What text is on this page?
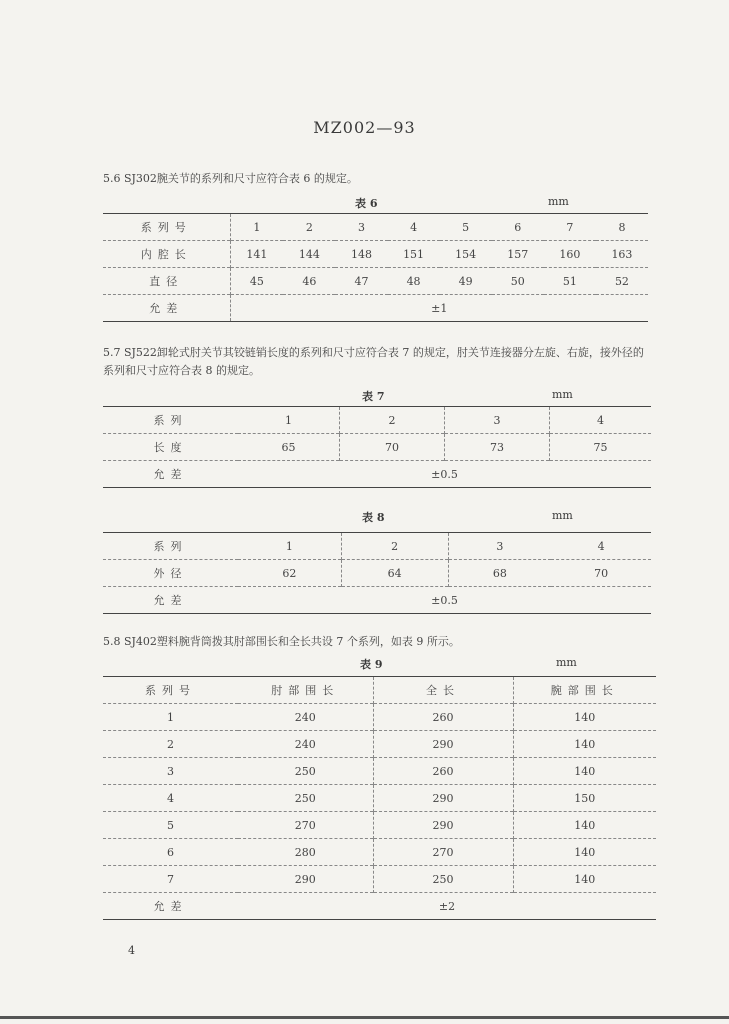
MZ002—93
5.6 SJ302腕关节的系列和尺寸应符合表 6 的规定。
表 6	mm
系列号	1	2	3	4	5	6	7	8
内腔长	141	144	148	151	154	157	160	163
直径	45	46	47	48	49	50	51	52
允差	±1							
5.7 SJ522卸轮式肘关节其铰链销长度的系列和尺寸应符合表 7 的规定，肘关节连接器分左旋、右旋，接外径的系列和尺寸应符合表 8 的规定。
表 7	mm
系列	1	2	3	4
长度	65	70	73	75
允差	±0.5			
表 8	mm
系列	1	2	3	4
外径	62	64	68	70
允差	±0.5			
5.8 SJ402塑料腕背筒拨其肘部围长和全长共设 7 个系列，如表 9 所示。
表 9	mm
系列号	肘部围长	全长	腕部围长
1	240	260	140
2	240	290	140
3	250	260	140
4	250	290	150
5	270	290	140
6	280	270	140
7	290	250	140
允差	±2		
4
